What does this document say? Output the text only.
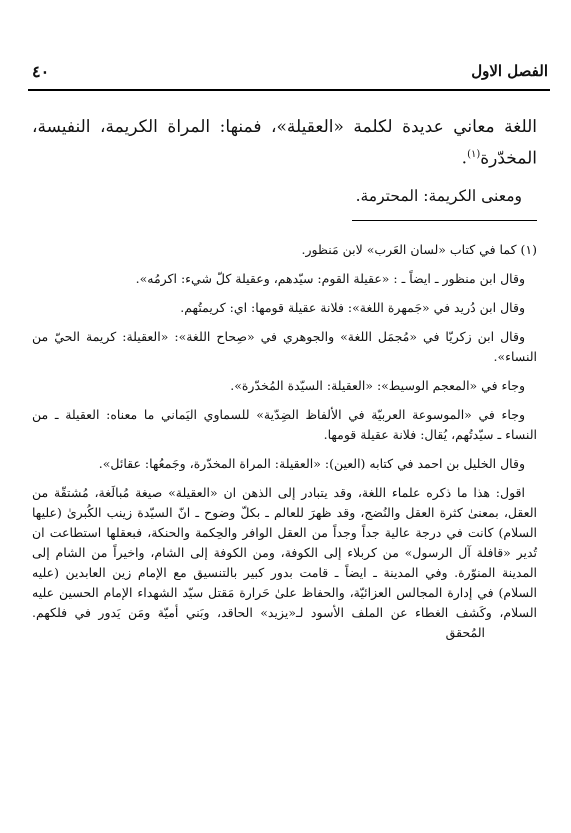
٤٠	الفصل الاول

اللغة معاني عديدة لكلمة «العقيلة»، فمنها: المراة الكريمة، النفيسة، المخدّرة$^{(١)}$.

ومعنى الكريمة: المحترمة.

(١) كما في كتاب «لسان العَرب» لابن مَنظور.

وقال ابن منظور ـ ايضاً ـ : «عقيلة القوم: سيّدهم، وعقيلة كلّ شيء: اكرمُه».

وقال ابن دُريد في «جَمهرة اللغة»: فلانة عقيلة قومها: اي: كريمتُهم.

وقال ابن زكريّا في «مُجمَل اللغة» والجوهري في «صِحاح اللغة»: «العقيلة: كريمة الحيّ من النساء».

وجاء في «المعجم الوسيط»: «العقيلة: السيّدة المُخدّرة».

وجاء في «الموسوعة العربيّة في الألفاظ الضِدّية» للسماوي اليَماني ما معناه: العقيلة ـ من النساء ـ سيّدتُهم، يُقال: فلانة عقيلة قومها.

وقال الخليل بن احمد في كتابه (العين): «العقيلة: المراة المخدّرة، وجَمعُها: عقائل».

اقول: هذا ما ذكره علماء اللغة، وقد يتبادر إلى الذهن ان «العقيلة» صيغة مُبالَغة، مُشتقّة من العقل، بمعنىٰ كثرة العقل والنُضج، وقد ظهرَ للعالم ـ بكلّ وضوح ـ انّ السيّدة زينب الكُبرىٰ (عليها السلام) كانت في درجة عالية جداً وجداً من العقل الوافر والحِكمة والحنكة، فبعقلها استطاعت ان تُدير «قافلة آل الرسول» من كربلاء إلى الكوفة، ومن الكوفة إلى الشام، واخيراً من الشام إلى المدينة المنوّرة. وفي المدينة ـ ايضاً ـ قامت بدور كبير بالتنسيق مع الإمام زين العابدين (عليه السلام) في إدارة المجالس العزائيّة، والحفاظ علىٰ حَرارة مَقتل سيّد الشهداء الإمام الحسين عليه السلام، وكَشف الغطاء عن الملف الأسود لـ«يزيد» الحاقد، وبَني أميّة ومَن يَدور في فلكهم.المُحقق
